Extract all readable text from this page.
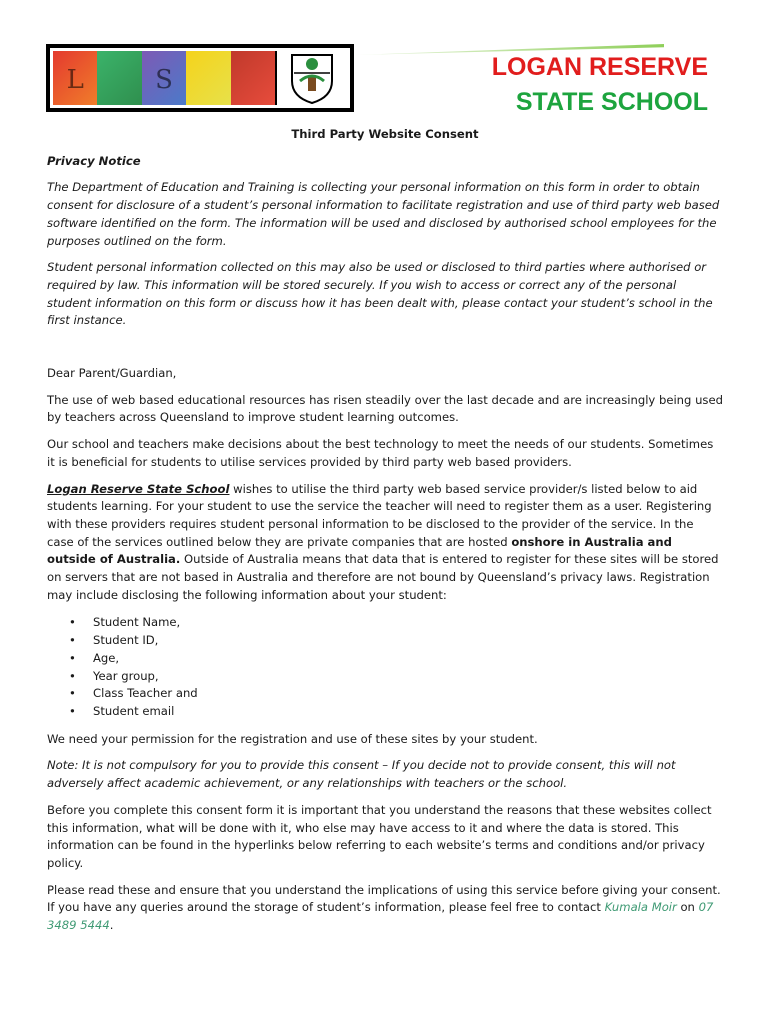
L	S	LOGAN RESERVE
STATE SCHOOL
Third Party Website Consent
Privacy Notice

The Department of Education and Training is collecting your personal information on this form in order to obtain consent for disclosure of a student’s personal information to facilitate registration and use of third party web based software identified on the form. The information will be used and disclosed by authorised school employees for the purposes outlined on the form.

Student personal information collected on this may also be used or disclosed to third parties where authorised or required by law. This information will be stored securely. If you wish to access or correct any of the personal student information on this form or discuss how it has been dealt with, please contact your student’s school in the first instance.

Dear Parent/Guardian,

The use of web based educational resources has risen steadily over the last decade and are increasingly being used by teachers across Queensland to improve student learning outcomes.

Our school and teachers make decisions about the best technology to meet the needs of our students. Sometimes it is beneficial for students to utilise services provided by third party web based providers.

Logan Reserve State School wishes to utilise the third party web based service provider/s listed below to aid students learning. For your student to use the service the teacher will need to register them as a user. Registering with these providers requires student personal information to be disclosed to the provider of the service. In the case of the services outlined below they are private companies that are hosted onshore in Australia and outside of Australia. Outside of Australia means that data that is entered to register for these sites will be stored on servers that are not based in Australia and therefore are not bound by Queensland’s privacy laws. Registration may include disclosing the following information about your student:

• Student Name,
• Student ID,
• Age,
• Year group,
• Class Teacher and
• Student email

We need your permission for the registration and use of these sites by your student.

Note: It is not compulsory for you to provide this consent – If you decide not to provide consent, this will not adversely affect academic achievement, or any relationships with teachers or the school.

Before you complete this consent form it is important that you understand the reasons that these websites collect this information, what will be done with it, who else may have access to it and where the data is stored. This information can be found in the hyperlinks below referring to each website’s terms and conditions and/or privacy policy.

Please read these and ensure that you understand the implications of using this service before giving your consent. If you have any queries around the storage of student’s information, please feel free to contact Kumala Moir on 07 3489 5444.
